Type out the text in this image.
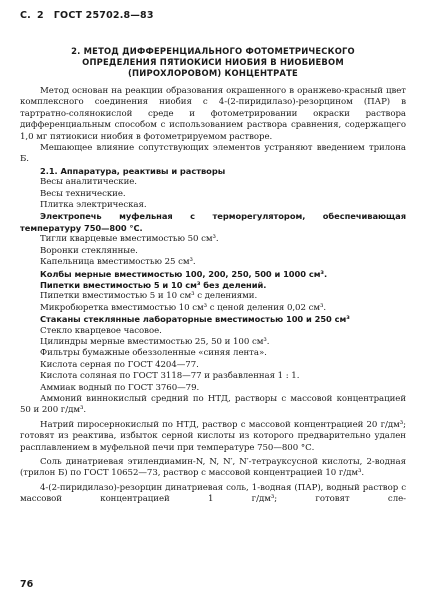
С. 2 ГОСТ 25702.8—83
2. МЕТОД ДИФФЕРЕНЦИАЛЬНОГО ФОТОМЕТРИЧЕСКОГО
ОПРЕДЕЛЕНИЯ ПЯТИОКИСИ НИОБИЯ В НИОБИЕВОМ
(ПИРОХЛОРОВОМ) КОНЦЕНТРАТЕ

Метод основан на реакции образования окрашенного в оранжево-красный цвет комплексного соединения ниобия с 4-(2-пиридилазо)-резорцином (ПАР) в тартратно-солянокислой среде и фотометрировании окраски раствора дифференциальным способом с использованием раствора сравнения, содержащего 1,0 мг пятиокиси ниобия в фотометрируемом растворе.

Мешающее влияние сопутствующих элементов устраняют введением трилона Б.

2.1. Аппаратура, реактивы и растворы

Весы аналитические.

Весы технические.

Плитка электрическая.

Электропечь муфельная с терморегулятором, обеспечивающая температуру 750—800 °С.

Тигли кварцевые вместимостью 50 см³.

Воронки стеклянные.

Капельница вместимостью 25 см³.

Колбы мерные вместимостью 100, 200, 250, 500 и 1000 см³.

Пипетки вместимостью 5 и 10 см³ без делений.

Пипетки вместимостью 5 и 10 см³ с делениями.

Микробюретка вместимостью 10 см³ с ценой деления 0,02 см³.

Стаканы стеклянные лабораторные вместимостью 100 и 250 см³

Стекло кварцевое часовое.

Цилиндры мерные вместимостью 25, 50 и 100 см³.

Фильтры бумажные обеззоленные «синяя лента».

Кислота серная по ГОСТ 4204—77.

Кислота соляная по ГОСТ 3118—77 и разбавленная 1 : 1.

Аммиак водный по ГОСТ 3760—79.

Аммоний виннокислый средний по НТД, растворы с массовой концентрацией 50 и 200 г/дм³.

Натрий пиросернокислый по НТД, раствор с массовой концентрацией 20 г/дм³; готовят из реактива, избыток серной кислоты из которого предварительно удален расплавлением в муфельной печи при температуре 750—800 °С.

Соль динатриевая этилендиамин-N, N, N′, N′-тетрауксусной кислоты, 2-водная (трилон Б) по ГОСТ 10652—73, раствор с массовой концентрацией 10 г/дм³.

4-(2-пиридилазо)-резорцин динатриевая соль, 1-водная (ПАР), водный раствор с массовой концентрацией 1 г/дм³; готовят сле-

76
